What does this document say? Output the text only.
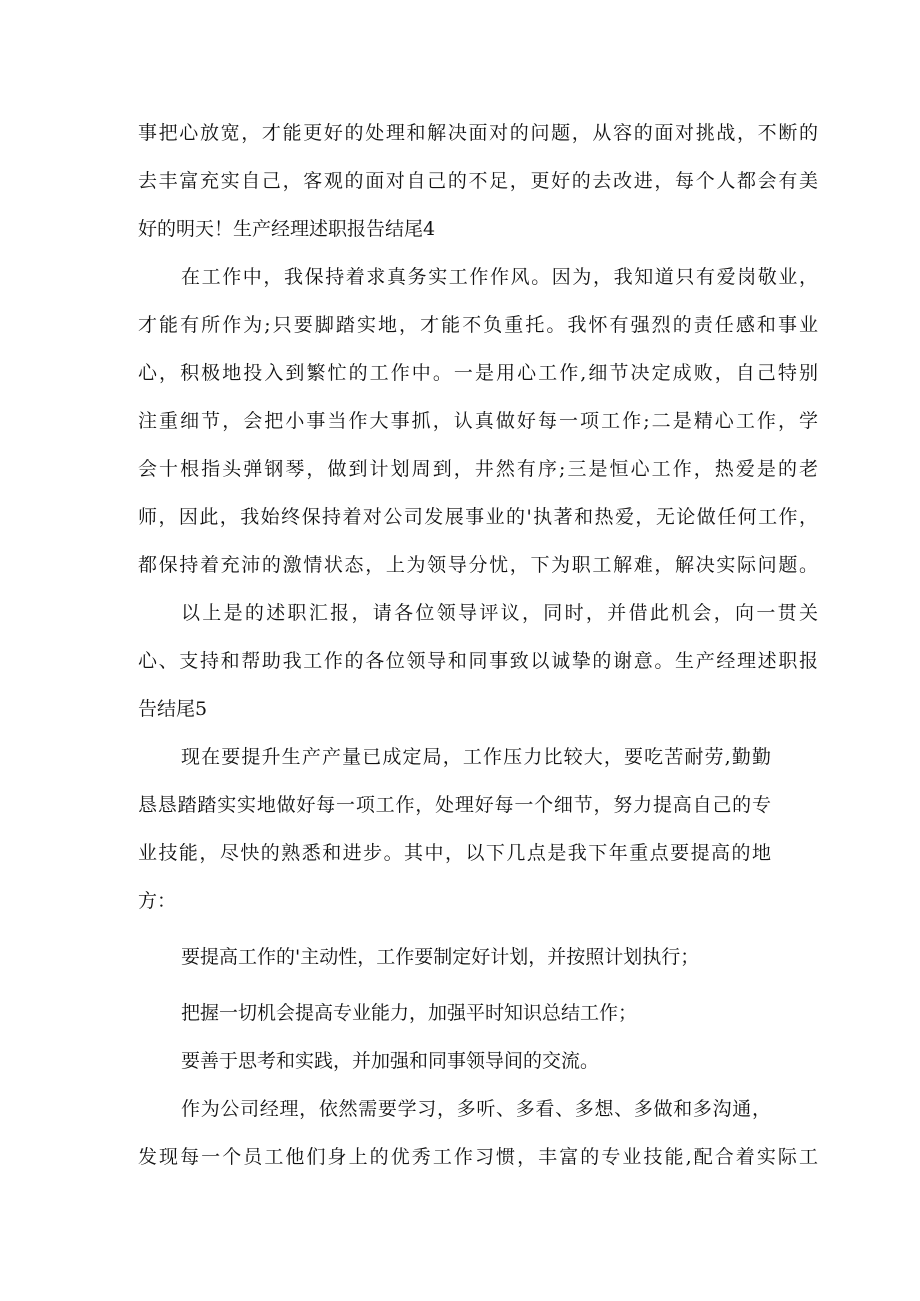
事把心放宽，才能更好的处理和解决面对的问题，从容的面对挑战，不断的
去丰富充实自己，客观的面对自己的不足，更好的去改进，每个人都会有美
好的明天！生产经理述职报告结尾4
在工作中，我保持着求真务实工作作风。因为，我知道只有爱岗敬业，
才能有所作为;只要脚踏实地，才能不负重托。我怀有强烈的责任感和事业
心，积极地投入到繁忙的工作中。一是用心工作,细节决定成败，自己特别
注重细节，会把小事当作大事抓，认真做好每一项工作;二是精心工作，学
会十根指头弹钢琴，做到计划周到，井然有序;三是恒心工作，热爱是的老
师，因此，我始终保持着对公司发展事业的'执著和热爱，无论做任何工作，
都保持着充沛的激情状态，上为领导分忧，下为职工解难，解决实际问题。
以上是的述职汇报，请各位领导评议，同时，并借此机会，向一贯关
心、支持和帮助我工作的各位领导和同事致以诚挚的谢意。生产经理述职报
告结尾5
现在要提升生产产量已成定局，工作压力比较大，要吃苦耐劳,勤勤
恳恳踏踏实实地做好每一项工作，处理好每一个细节，努力提高自己的专
业技能，尽快的熟悉和进步。其中，以下几点是我下年重点要提高的地
方：
要提高工作的'主动性，工作要制定好计划，并按照计划执行；
把握一切机会提高专业能力，加强平时知识总结工作；
要善于思考和实践，并加强和同事领导间的交流。
作为公司经理，依然需要学习，多听、多看、多想、多做和多沟通，
发现每一个员工他们身上的优秀工作习惯，丰富的专业技能,配合着实际工
